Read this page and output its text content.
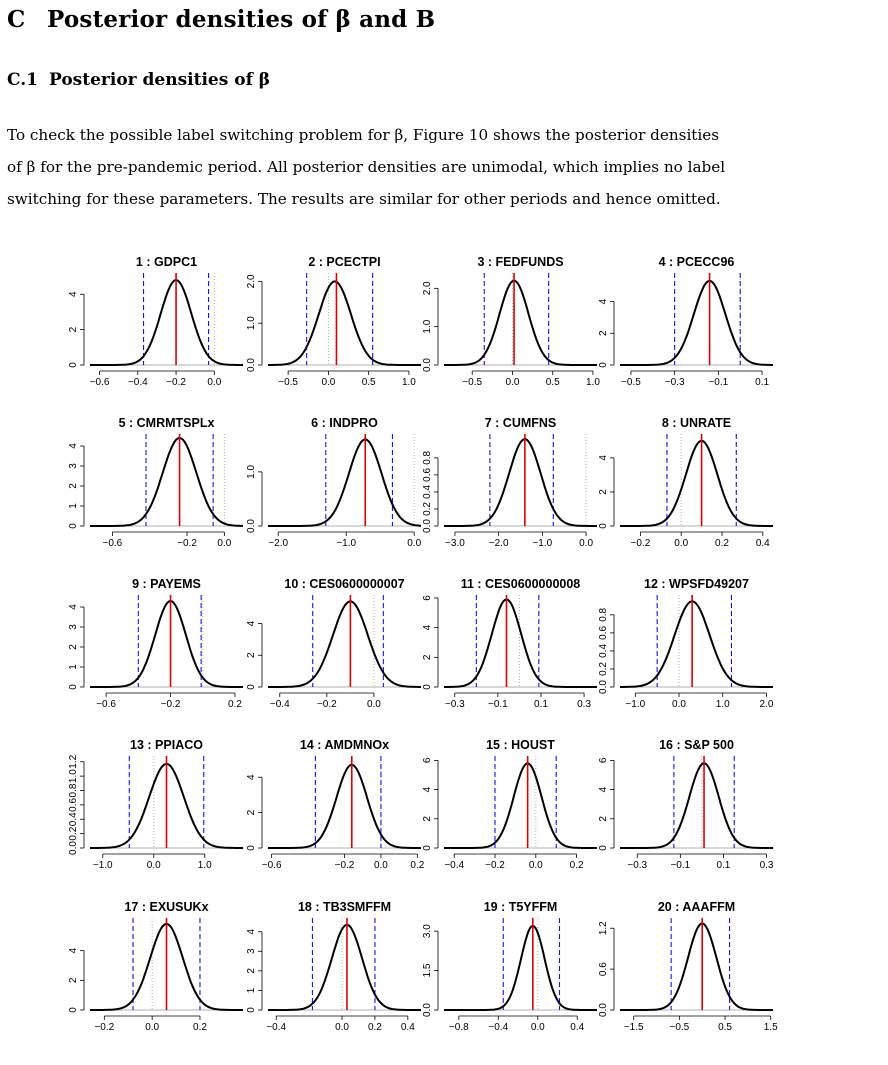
C Posterior densities of β and B
C.1 Posterior densities of β

To check the possible label switching problem for β, Figure 10 shows the posterior densities
of β for the pre-pandemic period. All posterior densities are unimodal, which implies no label
switching for these parameters. The results are similar for other periods and hence omitted.

1 : GDPC1
−0.6 −0.4 −0.2 0.0
0
2
4
2 : PCECTPI
−0.5 0.0	0.5	1.0
0.0
1.0
2.0
3 : FEDFUNDS
−0.5 0.0	0.5	1.0
0.0
1.0
2.0
4 : PCECC96
−0.5 −0.3 −0.1	0.1
0
2
4
5 : CMRMTSPLx
−0.6	−0.2 0.0
0
1
2
3
4
6 : INDPRO
−2.0	−1.0	0.0
0.0
1.0
7 : CUMFNS
−3.0 −2.0 −1.0	0.0
0.0
0.2
0.4
0.6
0.8
8 : UNRATE
−0.2 0.0	0.2	0.4
0
2
4
9 : PAYEMS
−0.6	−0.2	0.2
0
1
2
3
4
10 : CES0600000007
−0.4	−0.2	0.0
0
2
4
11 : CES0600000008
−0.3 −0.1	0.1	0.3
0
2
4
6
12 : WPSFD49207
−1.0	0.0	1.0	2.0
0.0
0.2
0.4
0.6
0.8
13 : PPIACO
−1.0	0.0	1.0
0.0
0.2
0.4
0.6
0.8
1.0
1.2
14 : AMDMNOx
−0.6	−0.2 0.0 0.2
0
2
4
15 : HOUST
−0.4 −0.2 0.0	0.2
0
2
4
6
16 : S&P 500
−0.3 −0.1	0.1	0.3
0
2
4
6
17 : EXUSUKx
−0.2	0.0	0.2
0
2
4
18 : TB3SMFFM
−0.4	0.0 0.2 0.4
0
1
2
3
4
19 : T5YFFM
−0.8 −0.4 0.0	0.4
0.0
1.5
3.0
20 : AAAFFM
−1.5	−0.5	0.5	1.5
0.0
0.6
1.2
